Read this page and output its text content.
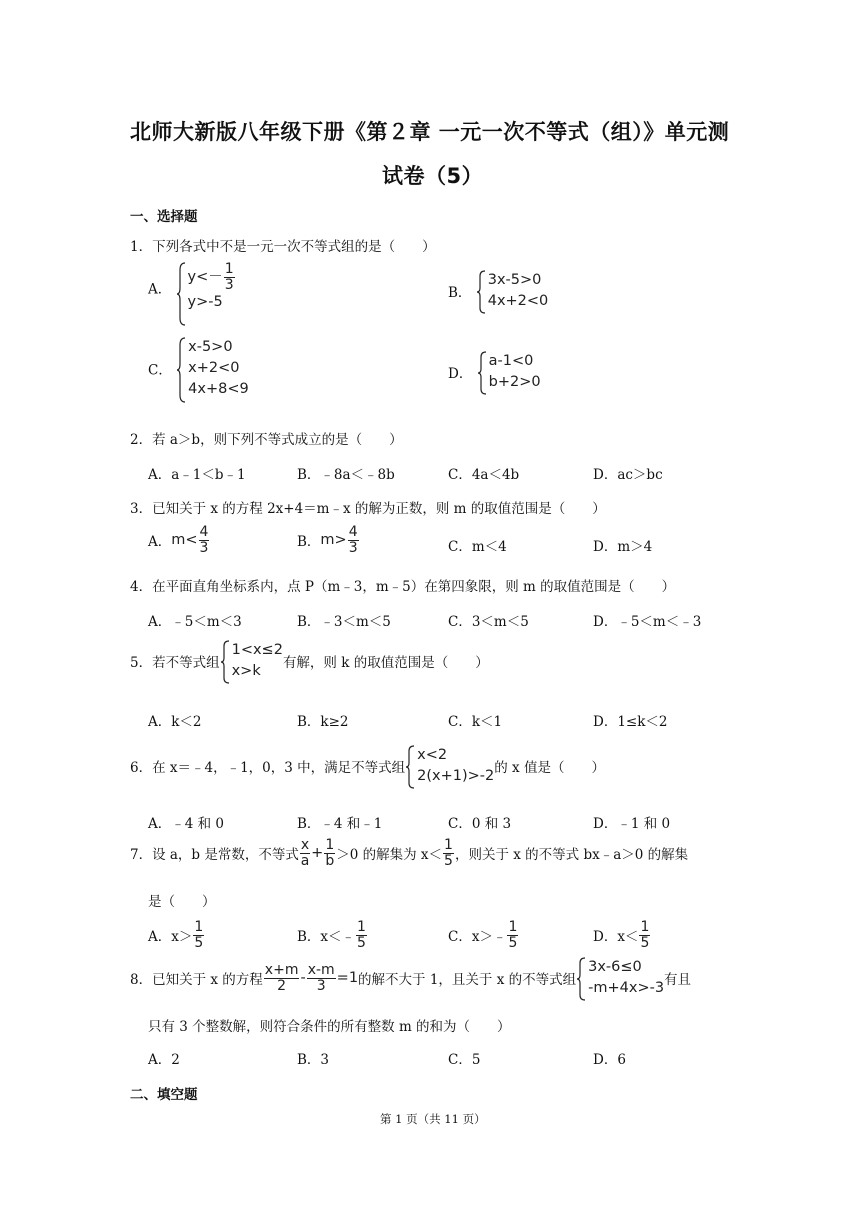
北师大新版八年级下册《第２章 一元一次不等式（组）》单元测
试卷（5）
一、选择题
1．下列各式中不是一元一次不等式组的是（　　）
A．
$y<- \frac{1}{3}$
y>-5
B．
3x-5>0
4x+2<0
C．
x-5>0
x+2<0
4x+8<9
D．
a-1<0
b+2>0
2．若 a＞b，则下列不等式成立的是（　　）
A．a﹣1＜b﹣1	B．﹣8a＜﹣8b	C．4a＜4b	D．ac＞bc
3．已知关于 x 的方程 2x+4＝m﹣x 的解为正数，则 m 的取值范围是（　　）
A．$m< \frac{4}{3}$	B．$m> \frac{4}{3}$	C．m＜4	D．m＞4
4．在平面直角坐标系内，点 P（m﹣3，m﹣5）在第四象限，则 m 的取值范围是（　　）
A．﹣5＜m＜3	B．﹣3＜m＜5	C．3＜m＜5	D．﹣5＜m＜﹣3
5．若不等式组
1<x≤2
x>k	有解，则 k 的取值范围是（　　）
A．k＜2	B．k≥2	C．k＜1	D．1≤k＜2
6．在 x＝﹣4，﹣1，0，3 中，满足不等式组
x<2
2(x+1)>-2 的 x 值是（　　）
A．﹣4 和 0	B．﹣4 和﹣1	C．0 和 3	D．﹣1 和 0
7．设 a，b 是常数，不等式 $\frac{x}{a} + \frac{1}{b} >0$ 的解集为 $x< \frac{1}{5}$ ，则关于 x 的不等式 bx﹣a＞0 的解集
是（　　）
A．$x> \frac{1}{5}$	B．x＜﹣ $\frac{1}{5}$	C．x＞﹣ $\frac{1}{5}$	D．$x< \frac{1}{5}$
8．已知关于 x 的方程 $\frac{x+m}{2} - \frac{x-m}{3} =1$的解不大于 1，且关于 x 的不等式组
3x-6≤0
-m+4x>-3 有且
只有 3 个整数解，则符合条件的所有整数 m 的和为（　　）
A．2	B．3	C．5	D．6
二、填空题
第 1 页（共 11 页）
